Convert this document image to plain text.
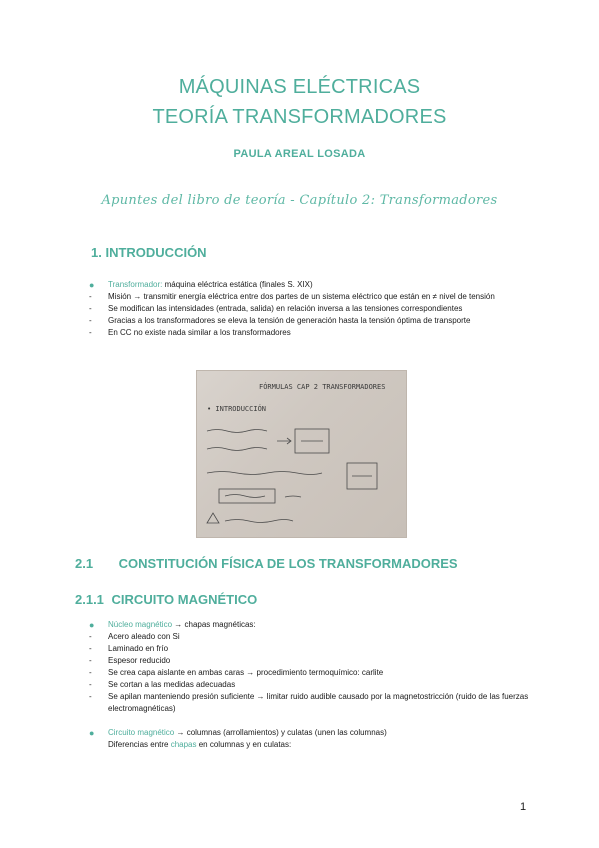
MÁQUINAS ELÉCTRICAS
TEORÍA TRANSFORMADORES
PAULA AREAL LOSADA
Apuntes del libro de teoría - Capítulo 2: Transformadores
1. INTRODUCCIÓN
●	Transformador: máquina eléctrica estática (finales S. XIX)
-	Misión → transmitir energía eléctrica entre dos partes de un sistema eléctrico que están en ≠ nivel de tensión
-	Se modifican las intensidades (entrada, salida) en relación inversa a las tensiones correspondientes
-	Gracias a los transformadores se eleva la tensión de generación hasta la tensión óptima de transporte
-	En CC no existe nada similar a los transformadores
FÓRMULAS CAP 2 TRANSFORMADORES
• INTRODUCCIÓN
2.1 CONSTITUCIÓN FÍSICA DE LOS TRANSFORMADORES
2.1.1 CIRCUITO MAGNÉTICO
●	Núcleo magnético → chapas magnéticas:
-	Acero aleado con Si
-	Laminado en frío
-	Espesor reducido
-	Se crea capa aislante en ambas caras → procedimiento termoquímico: carlite
-	Se cortan a las medidas adecuadas
-	Se apilan manteniendo presión suficiente → limitar ruido audible causado por la magnetostricción (ruido de las fuerzas electromagnéticas)
●	Circuito magnético → columnas (arrollamientos) y culatas (unen las columnas)
Diferencias entre chapas en columnas y en culatas:
1
